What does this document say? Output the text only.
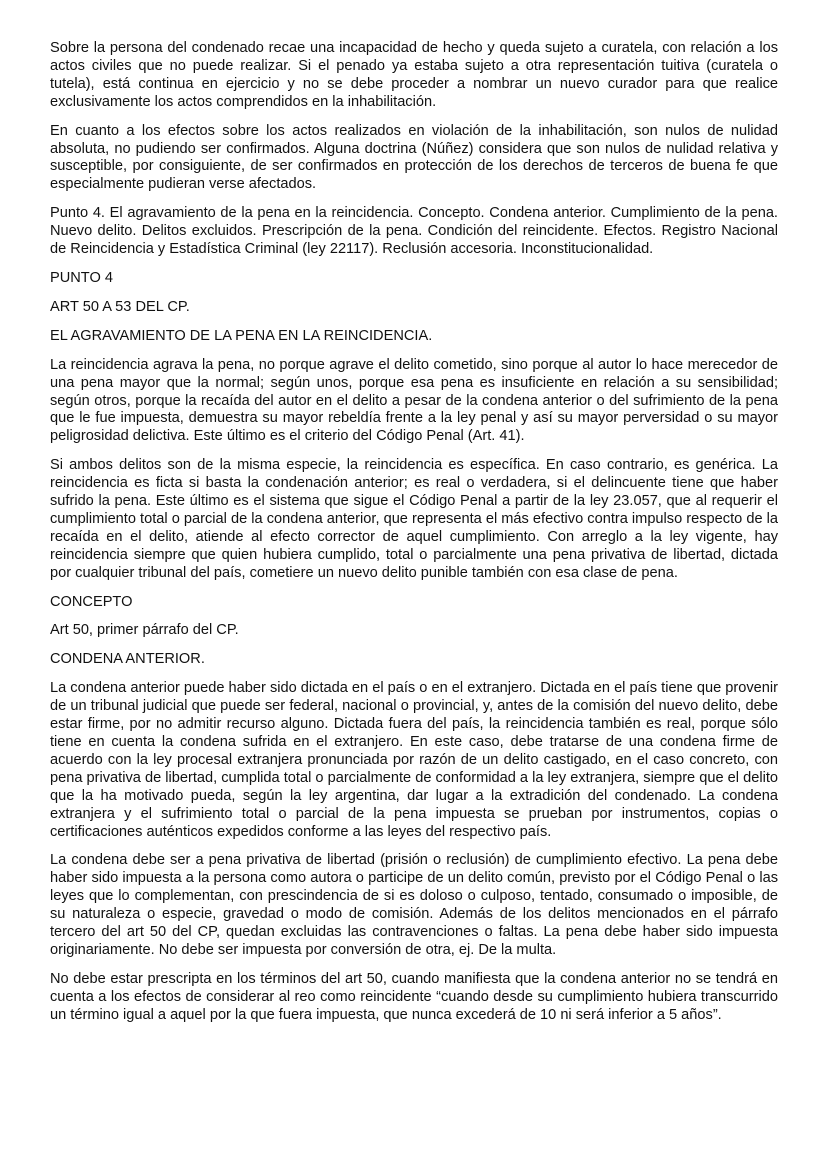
Sobre la persona del condenado recae una incapacidad de hecho y queda sujeto a curatela, con relación a los actos civiles que no puede realizar. Si el penado ya estaba sujeto a otra representación tuitiva (curatela o tutela), está continua en ejercicio y no se debe proceder a nombrar un nuevo curador para que realice exclusivamente los actos comprendidos en la inhabilitación.

En cuanto a los efectos sobre los actos realizados en violación de la inhabilitación, son nulos de nulidad absoluta, no pudiendo ser confirmados. Alguna doctrina (Núñez) considera que son nulos de nulidad relativa y susceptible, por consiguiente, de ser confirmados en protección de los derechos de terceros de buena fe que especialmente pudieran verse afectados.

Punto 4. El agravamiento de la pena en la reincidencia. Concepto. Condena anterior. Cumplimiento de la pena. Nuevo delito. Delitos excluidos. Prescripción de la pena. Condición del reincidente. Efectos. Registro Nacional de Reincidencia y Estadística Criminal (ley 22117). Reclusión accesoria. Inconstitucionalidad.

PUNTO 4

ART 50 A 53 DEL CP.

EL AGRAVAMIENTO DE LA PENA EN LA REINCIDENCIA.

La reincidencia agrava la pena, no porque agrave el delito cometido, sino porque al autor lo hace merecedor de una pena mayor que la normal; según unos, porque esa pena es insuficiente en relación a su sensibilidad; según otros, porque la recaída del autor en el delito a pesar de la condena anterior o del sufrimiento de la pena que le fue impuesta, demuestra su mayor rebeldía frente a la ley penal y así su mayor perversidad o su mayor peligrosidad delictiva. Este último es el criterio del Código Penal (Art. 41).

Si ambos delitos son de la misma especie, la reincidencia es específica. En caso contrario, es genérica. La reincidencia es ficta si basta la condenación anterior; es real o verdadera, si el delincuente tiene que haber sufrido la pena. Este último es el sistema que sigue el Código Penal a partir de la ley 23.057, que al requerir el cumplimiento total o parcial de la condena anterior, que representa el más efectivo contra impulso respecto de la recaída en el delito, atiende al efecto corrector de aquel cumplimiento. Con arreglo a la ley vigente, hay reincidencia siempre que quien hubiera cumplido, total o parcialmente una pena privativa de libertad, dictada por cualquier tribunal del país, cometiere un nuevo delito punible también con esa clase de pena.

CONCEPTO

Art 50, primer párrafo del CP.

CONDENA ANTERIOR.

La condena anterior puede haber sido dictada en el país o en el extranjero. Dictada en el país tiene que provenir de un tribunal judicial que puede ser federal, nacional o provincial, y, antes de la comisión del nuevo delito, debe estar firme, por no admitir recurso alguno. Dictada fuera del país, la reincidencia también es real, porque sólo tiene en cuenta la condena sufrida en el extranjero. En este caso, debe tratarse de una condena firme de acuerdo con la ley procesal extranjera pronunciada por razón de un delito castigado, en el caso concreto, con pena privativa de libertad, cumplida total o parcialmente de conformidad a la ley extranjera, siempre que el delito que la ha motivado pueda, según la ley argentina, dar lugar a la extradición del condenado. La condena extranjera y el sufrimiento total o parcial de la pena impuesta se prueban por instrumentos, copias o certificaciones auténticos expedidos conforme a las leyes del respectivo país.

La condena debe ser a pena privativa de libertad (prisión o reclusión) de cumplimiento efectivo. La pena debe haber sido impuesta a la persona como autora o participe de un delito común, previsto por el Código Penal o las leyes que lo complementan, con prescindencia de si es doloso o culposo, tentado, consumado o imposible, de su naturaleza o especie, gravedad o modo de comisión. Además de los delitos mencionados en el párrafo tercero del art 50 del CP, quedan excluidas las contravenciones o faltas. La pena debe haber sido impuesta originariamente. No debe ser impuesta por conversión de otra, ej. De la multa.

No debe estar prescripta en los términos del art 50, cuando manifiesta que la condena anterior no se tendrá en cuenta a los efectos de considerar al reo como reincidente “cuando desde su cumplimiento hubiera transcurrido un término igual a aquel por la que fuera impuesta, que nunca excederá de 10 ni será inferior a 5 años”.
